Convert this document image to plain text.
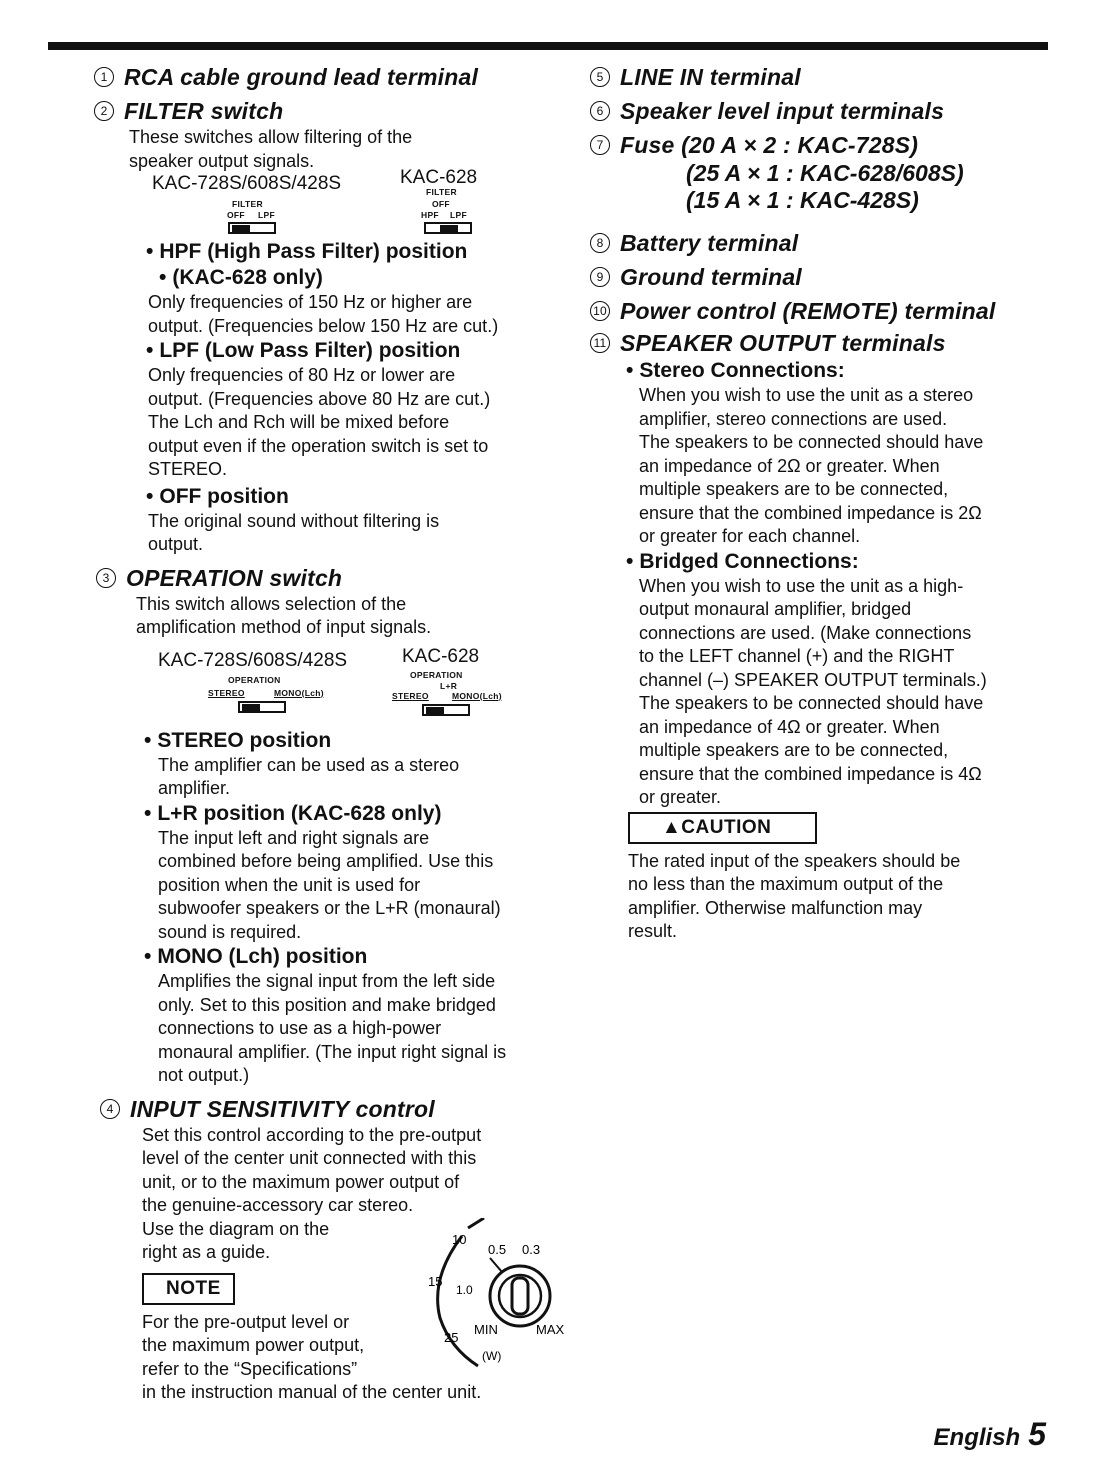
1 RCA cable ground lead terminal
2 FILTER switch
These switches allow filtering of the
speaker output signals.
KAC-728S/608S/428S	KAC-628
FILTER
OFF LPF
FILTER
OFF
HPF LPF
• HPF (High Pass Filter) position
• (KAC-628 only)
Only frequencies of 150 Hz or higher are
output. (Frequencies below 150 Hz are cut.)
• LPF (Low Pass Filter) position
Only frequencies of 80 Hz or lower are
output. (Frequencies above 80 Hz are cut.)
The Lch and Rch will be mixed before
output even if the operation switch is set to
STEREO.
• OFF position
The original sound without filtering is
output.
3 OPERATION switch
This switch allows selection of the
amplification method of input signals.
KAC-728S/608S/428S	KAC-628
OPERATION
STEREO	MONO(Lch)
OPERATION
L+R
STEREO	MONO(Lch)
• STEREO position
The amplifier can be used as a stereo
amplifier.
• L+R position (KAC-628 only)
The input left and right signals are
combined before being amplified. Use this
position when the unit is used for
subwoofer speakers or the L+R (monaural)
sound is required.
• MONO (Lch) position
Amplifies the signal input from the left side
only. Set to this position and make bridged
connections to use as a high-power
monaural amplifier. (The input right signal is
not output.)
4 INPUT SENSITIVITY control
Set this control according to the pre-output
level of the center unit connected with this
unit, or to the maximum power output of
the genuine-accessory car stereo.
Use the diagram on the
right as a guide.
NOTE
For the pre-output level or
the maximum power output,
refer to the “Specifications”
in the instruction manual of the center unit.
10
0.5 0.3
15
1.0
25
MIN	MAX
(W)
5 LINE IN terminal
6 Speaker level input terminals
7 Fuse (20 A × 2 : KAC-728S)
(25 A × 1 : KAC-628/608S)
(15 A × 1 : KAC-428S)
8 Battery terminal
9 Ground terminal
10 Power control (REMOTE) terminal
11 SPEAKER OUTPUT terminals
• Stereo Connections:
When you wish to use the unit as a stereo
amplifier, stereo connections are used.
The speakers to be connected should have
an impedance of 2Ω or greater. When
multiple speakers are to be connected,
ensure that the combined impedance is 2Ω
or greater for each channel.
• Bridged Connections:
When you wish to use the unit as a high-
output monaural amplifier, bridged
connections are used. (Make connections
to the LEFT channel (+) and the RIGHT
channel (–) SPEAKER OUTPUT terminals.)
The speakers to be connected should have
an impedance of 4Ω or greater. When
multiple speakers are to be connected,
ensure that the combined impedance is 4Ω
or greater.
▲CAUTION
The rated input of the speakers should be
no less than the maximum output of the
amplifier. Otherwise malfunction may
result.
English 5
